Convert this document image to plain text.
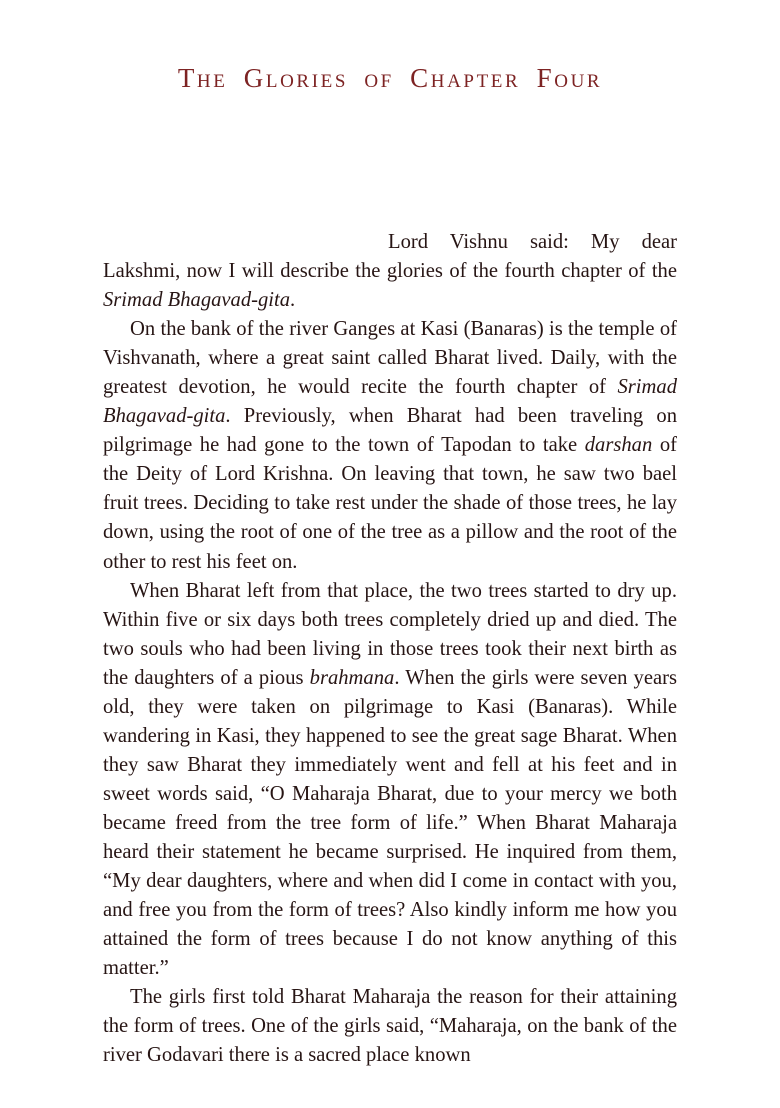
The Glories of Chapter Four

Lord Vishnu said: My dear Lakshmi, now I will describe the glories of the fourth chapter of the Srimad Bhagavad-gita.

On the bank of the river Ganges at Kasi (Banaras) is the temple of Vishvanath, where a great saint called Bharat lived. Daily, with the greatest devotion, he would recite the fourth chapter of Srimad Bhagavad-gita. Previously, when Bharat had been traveling on pilgrimage he had gone to the town of Tapodan to take darshan of the Deity of Lord Krishna. On leaving that town, he saw two bael fruit trees. Deciding to take rest under the shade of those trees, he lay down, using the root of one of the tree as a pillow and the root of the other to rest his feet on.

When Bharat left from that place, the two trees started to dry up. Within five or six days both trees completely dried up and died. The two souls who had been living in those trees took their next birth as the daughters of a pious brahmana. When the girls were seven years old, they were taken on pilgrimage to Kasi (Banaras). While wandering in Kasi, they happened to see the great sage Bharat. When they saw Bharat they immediately went and fell at his feet and in sweet words said, “O Maharaja Bharat, due to your mercy we both became freed from the tree form of life.” When Bharat Maharaja heard their statement he became surprised. He inquired from them, “My dear daughters, where and when did I come in contact with you, and free you from the form of trees? Also kindly inform me how you attained the form of trees because I do not know anything of this matter.”

The girls first told Bharat Maharaja the reason for their attaining the form of trees. One of the girls said, “Maharaja, on the bank of the river Godavari there is a sacred place known
